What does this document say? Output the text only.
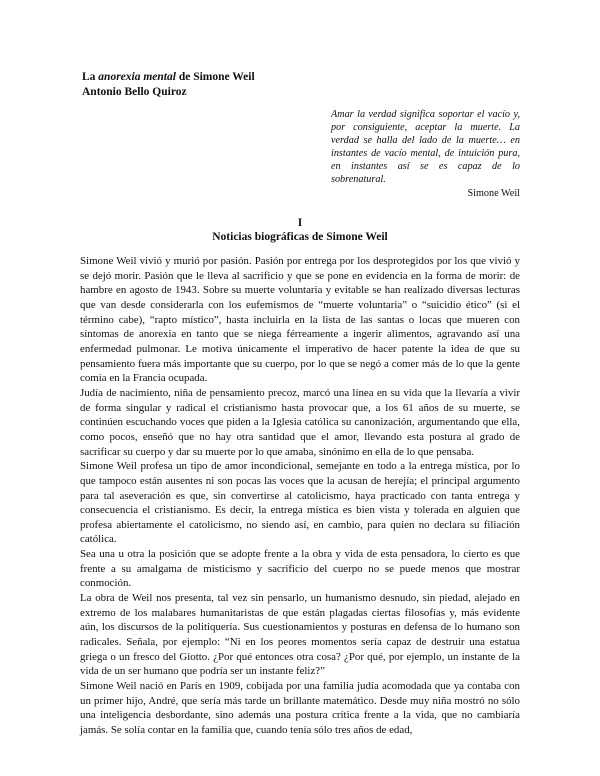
La anorexia mental de Simone Weil
Antonio Bello Quiroz
Amar la verdad significa soportar el vacío y, por consiguiente, aceptar la muerte. La verdad se halla del lado de la muerte… en instantes de vacío mental, de intuición pura, en instantes así se es capaz de lo sobrenatural.
Simone Weil
I
Noticias biográficas de Simone Weil

Simone Weil vivió y murió por pasión. Pasión por entrega por los desprotegidos por los que vivió y se dejó morir. Pasión que le lleva al sacrificio y que se pone en evidencia en la forma de morir: de hambre en agosto de 1943. Sobre su muerte voluntaria y evitable se han realizado diversas lecturas que van desde considerarla con los eufemismos de “muerte voluntaria” o “suicidio ético” (si el término cabe), “rapto místico”, hasta incluirla en la lista de las santas o locas que mueren con síntomas de anorexia en tanto que se niega férreamente a ingerir alimentos, agravando así una enfermedad pulmonar. Le motiva únicamente el imperativo de hacer patente la idea de que su pensamiento fuera más importante que su cuerpo, por lo que se negó a comer más de lo que la gente comía en la Francia ocupada.

Judía de nacimiento, niña de pensamiento precoz, marcó una línea en su vida que la llevaría a vivir de forma singular y radical el cristianismo hasta provocar que, a los 61 años de su muerte, se continúen escuchando voces que piden a la Iglesia católica su canonización, argumentando que ella, como pocos, enseñó que no hay otra santidad que el amor, llevando esta postura al grado de sacrificar su cuerpo y dar su muerte por lo que amaba, sinónimo en ella de lo que pensaba.

Simone Weil profesa un tipo de amor incondicional, semejante en todo a la entrega mística, por lo que tampoco están ausentes ni son pocas las voces que la acusan de herejía; el principal argumento para tal aseveración es que, sin convertirse al catolicismo, haya practicado con tanta entrega y consecuencia el cristianismo. Es decir, la entrega mística es bien vista y tolerada en alguien que profesa abiertamente el catolicismo, no siendo así, en cambio, para quien no declara su filiación católica.

Sea una u otra la posición que se adopte frente a la obra y vida de esta pensadora, lo cierto es que frente a su amalgama de misticismo y sacrificio del cuerpo no se puede menos que mostrar conmoción.

La obra de Weil nos presenta, tal vez sin pensarlo, un humanismo desnudo, sin piedad, alejado en extremo de los malabares humanitaristas de que están plagadas ciertas filosofías y, más evidente aún, los discursos de la politiquería. Sus cuestionamientos y posturas en defensa de lo humano son radicales. Señala, por ejemplo: “Ni en los peores momentos sería capaz de destruir una estatua griega o un fresco del Giotto. ¿Por qué entonces otra cosa? ¿Por qué, por ejemplo, un instante de la vida de un ser humano que podría ser un instante feliz?”

Simone Weil nació en París en 1909, cobijada por una familia judía acomodada que ya contaba con un primer hijo, André, que sería más tarde un brillante matemático. Desde muy niña mostró no sólo una inteligencia desbordante, sino además una postura crítica frente a la vida, que no cambiaría jamás. Se solía contar en la familia que, cuando tenía sólo tres años de edad,
